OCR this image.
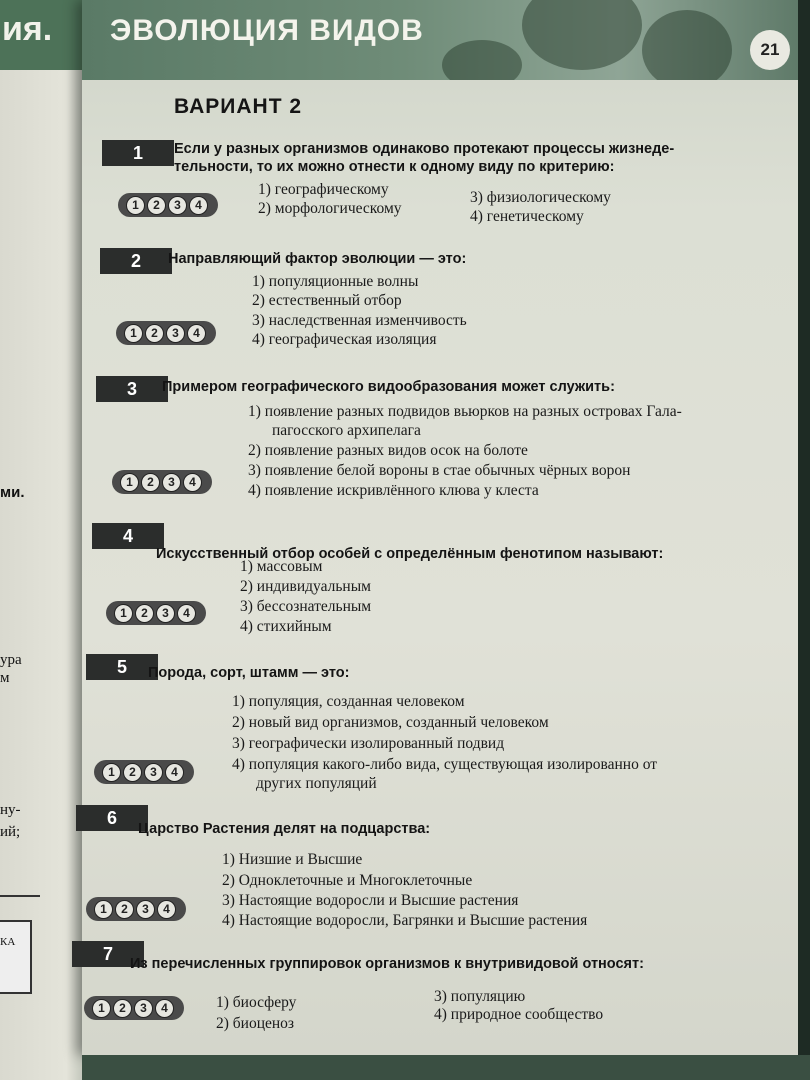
ия.
ми.
ура
м
ну-
ий;
КА
ЭВОЛЮЦИЯ ВИДОВ
21
ВАРИАНТ 2
1	Если у разных организмов одинаково протекают процессы жизнеде-
тельности, то их можно отнести к одному виду по критерию:
1	2	3	4
1) географическому
2) морфологическому
3) физиологическому
4) генетическому
2	Направляющий фактор эволюции — это:
1	2	3	4
1) популяционные волны
2) естественный отбор
3) наследственная изменчивость
4) географическая изоляция
3	Примером географического видообразования может служить:
1	2	3	4
1) появление разных подвидов вьюрков на разных островах Гала-
пагосского архипелага
2) появление разных видов осок на болоте
3) появление белой вороны в стае обычных чёрных ворон
4) появление искривлённого клюва у клеста
4
Искусственный отбор особей с определённым фенотипом называют:
1	2	3	4
1) массовым
2) индивидуальным
3) бессознательным
4) стихийным
5	Порода, сорт, штамм — это:
1	2	3	4
1) популяция, созданная человеком
2) новый вид организмов, созданный человеком
3) географически изолированный подвид
4) популяция какого-либо вида, существующая изолированно от
других популяций
6
Царство Растения делят на подцарства:
1	2	3	4
1) Низшие и Высшие
2) Одноклеточные и Многоклеточные
3) Настоящие водоросли и Высшие растения
4) Настоящие водоросли, Багрянки и Высшие растения
7	Из перечисленных группировок организмов к внутривидовой относят:
1	2	3	4	1) биосферу
2) биоценоз
3) популяцию
4) природное сообщество
